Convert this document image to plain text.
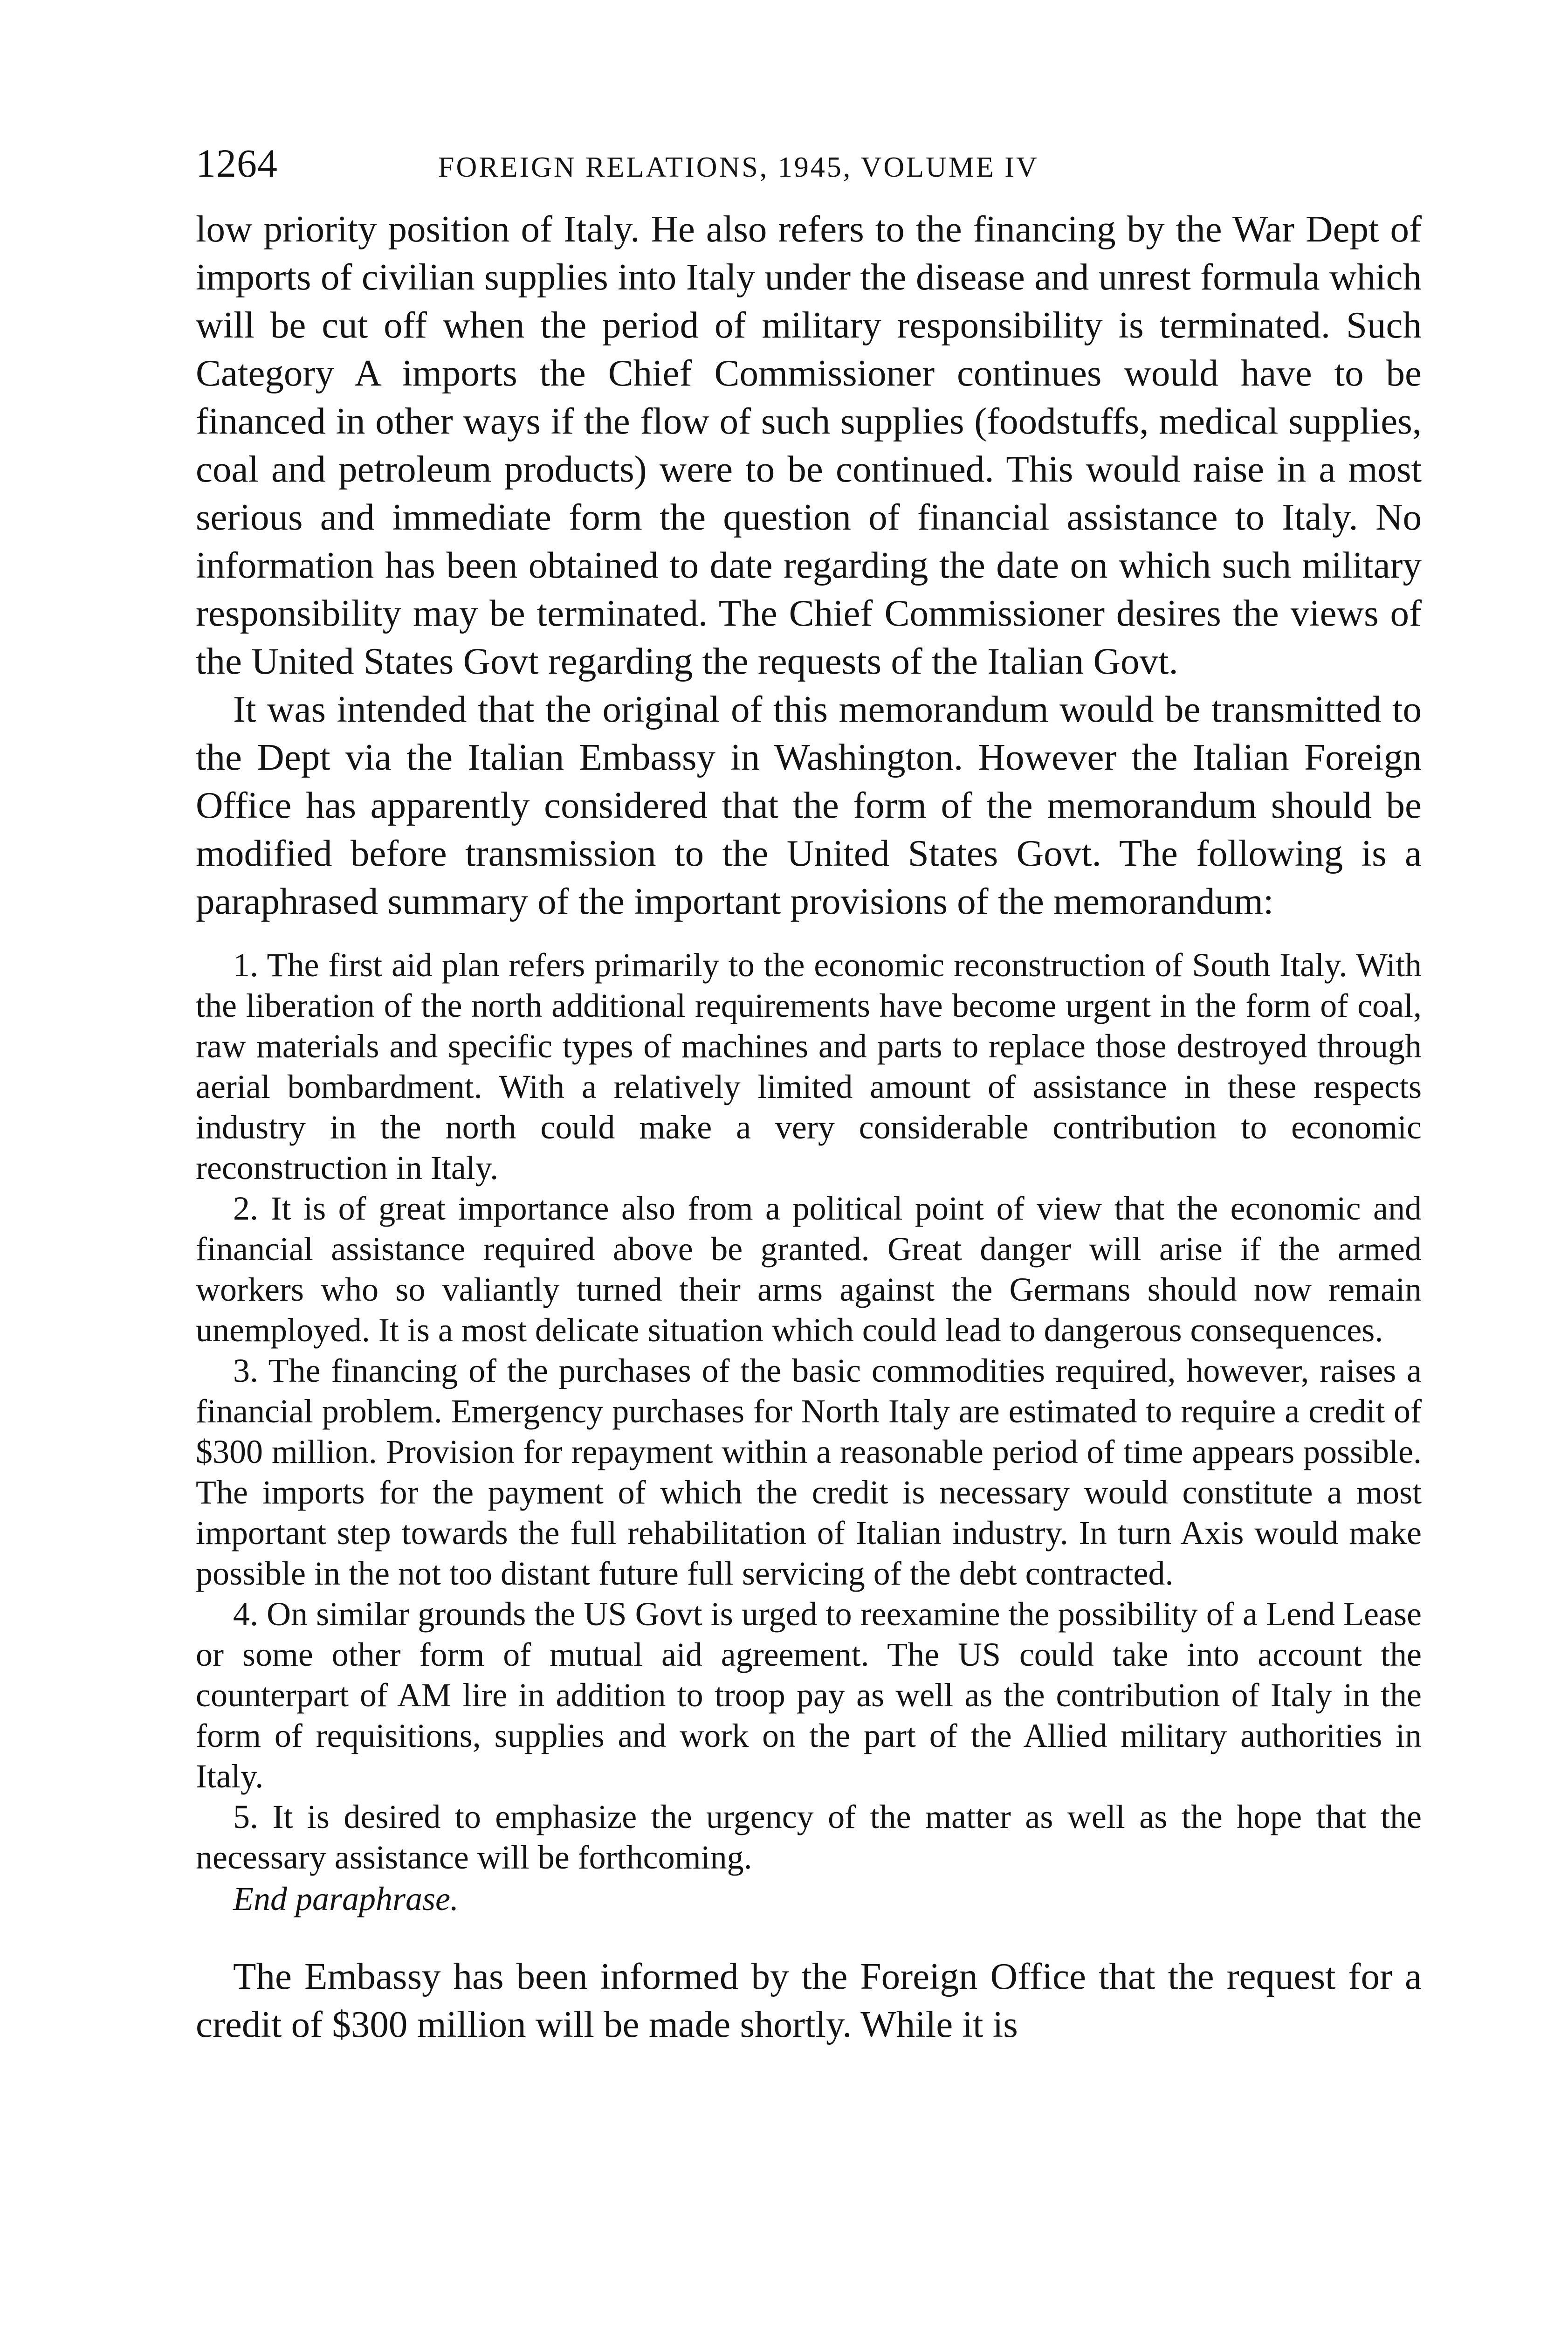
1264	FOREIGN RELATIONS, 1945, VOLUME IV

low priority position of Italy. He also refers to the financing by the War Dept of imports of civilian supplies into Italy under the disease and unrest formula which will be cut off when the period of military responsibility is terminated. Such Category A imports the Chief Commissioner continues would have to be financed in other ways if the flow of such supplies (foodstuffs, medical supplies, coal and petroleum products) were to be continued. This would raise in a most serious and immediate form the question of financial assistance to Italy. No information has been obtained to date regarding the date on which such military responsibility may be terminated. The Chief Commissioner desires the views of the United States Govt regarding the requests of the Italian Govt.

It was intended that the original of this memorandum would be transmitted to the Dept via the Italian Embassy in Washington. However the Italian Foreign Office has apparently considered that the form of the memorandum should be modified before transmission to the United States Govt. The following is a paraphrased summary of the important provisions of the memorandum:

1. The first aid plan refers primarily to the economic reconstruction of South Italy. With the liberation of the north additional requirements have become urgent in the form of coal, raw materials and specific types of machines and parts to replace those destroyed through aerial bombardment. With a relatively limited amount of assistance in these respects industry in the north could make a very considerable contribution to economic reconstruction in Italy.

2. It is of great importance also from a political point of view that the economic and financial assistance required above be granted. Great danger will arise if the armed workers who so valiantly turned their arms against the Germans should now remain unemployed. It is a most delicate situation which could lead to dangerous consequences.

3. The financing of the purchases of the basic commodities required, however, raises a financial problem. Emergency purchases for North Italy are estimated to require a credit of $300 million. Provision for repayment within a reasonable period of time appears possible. The imports for the payment of which the credit is necessary would constitute a most important step towards the full rehabilitation of Italian industry. In turn Axis would make possible in the not too distant future full servicing of the debt contracted.

4. On similar grounds the US Govt is urged to reexamine the possibility of a Lend Lease or some other form of mutual aid agreement. The US could take into account the counterpart of AM lire in addition to troop pay as well as the contribution of Italy in the form of requisitions, supplies and work on the part of the Allied military authorities in Italy.

5. It is desired to emphasize the urgency of the matter as well as the hope that the necessary assistance will be forthcoming.

End paraphrase.

The Embassy has been informed by the Foreign Office that the request for a credit of $300 million will be made shortly. While it is
